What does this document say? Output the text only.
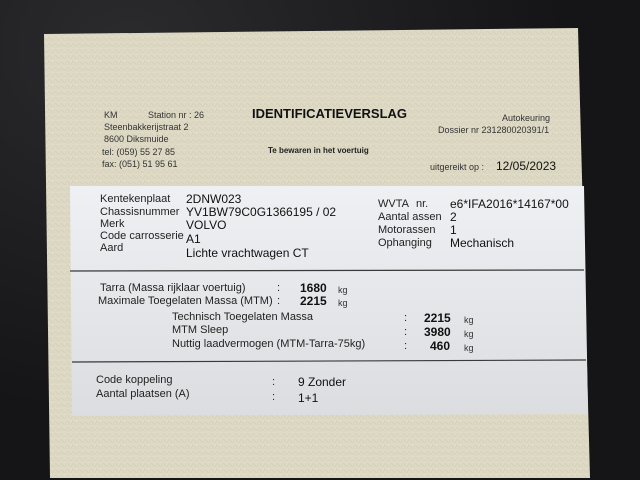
KM	Station nr : 26
Steenbakkerijstraat 2
8600 Diksmuide
tel: (059) 55 27 85
fax: (051) 51 95 61
IDENTIFICATIEVERSLAG
Te bewaren in het voertuig
Autokeuring
Dossier nr 231280020391/1
uitgereikt op : 12/05/2023
Kentekenplaat 2DNW023
Chassisnummer YV1BW79C0G1366195 / 02
Merk	VOLVO
Code carrosserie A1
Aard	Lichte vrachtwagen CT
WVTA nr. e6*IFA2016*14167*00
Aantal assen 2
Motorassen 1
Ophanging Mechanisch
Tarra (Massa rijklaar voertuig)	: 1680 kg
Maximale Toegelaten Massa (MTM) : 2215 kg
Technisch Toegelaten Massa	: 2215 kg
MTM Sleep	: 3980 kg
Nuttig laadvermogen (MTM-Tarra-75kg)	: 460 kg
Code koppeling	: 9 Zonder
Aantal plaatsen (A)	: 1+1
